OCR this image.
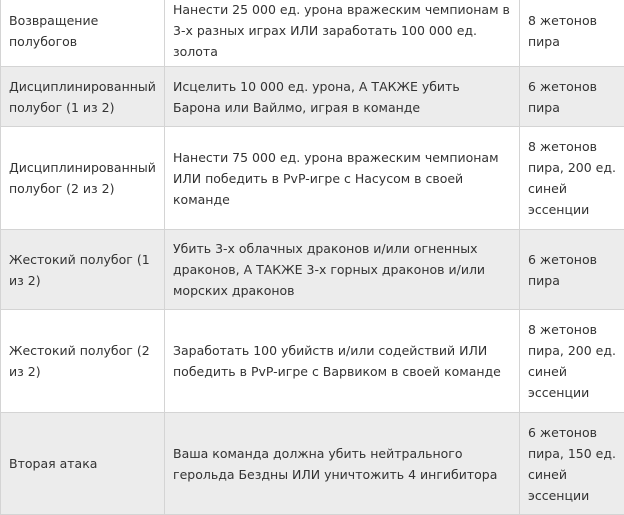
Возвращение полубогов	Нанести 25 000 ед. урона вражеским чемпионам в 3-х разных играх ИЛИ заработать 100 000 ед. золота	8 жетонов пира
Дисциплинированный полубог (1 из 2)	Исцелить 10 000 ед. урона, А ТАКЖЕ убить Барона или Вайлмо, играя в команде	6 жетонов пира
Дисциплинированный полубог (2 из 2)	Нанести 75 000 ед. урона вражеским чемпионам ИЛИ победить в PvP-игре с Насусом в своей команде	8 жетонов пира, 200 ед. синей эссенции
Жестокий полубог (1 из 2)	Убить 3-х облачных драконов и/или огненных драконов, А ТАКЖЕ 3-х горных драконов и/или морских драконов	6 жетонов пира
Жестокий полубог (2 из 2)	Заработать 100 убийств и/или содействий ИЛИ победить в PvP-игре с Варвиком в своей команде	8 жетонов пира, 200 ед. синей эссенции
Вторая атака	Ваша команда должна убить нейтрального герольда Бездны ИЛИ уничтожить 4 ингибитора	6 жетонов пира, 150 ед. синей эссенции
